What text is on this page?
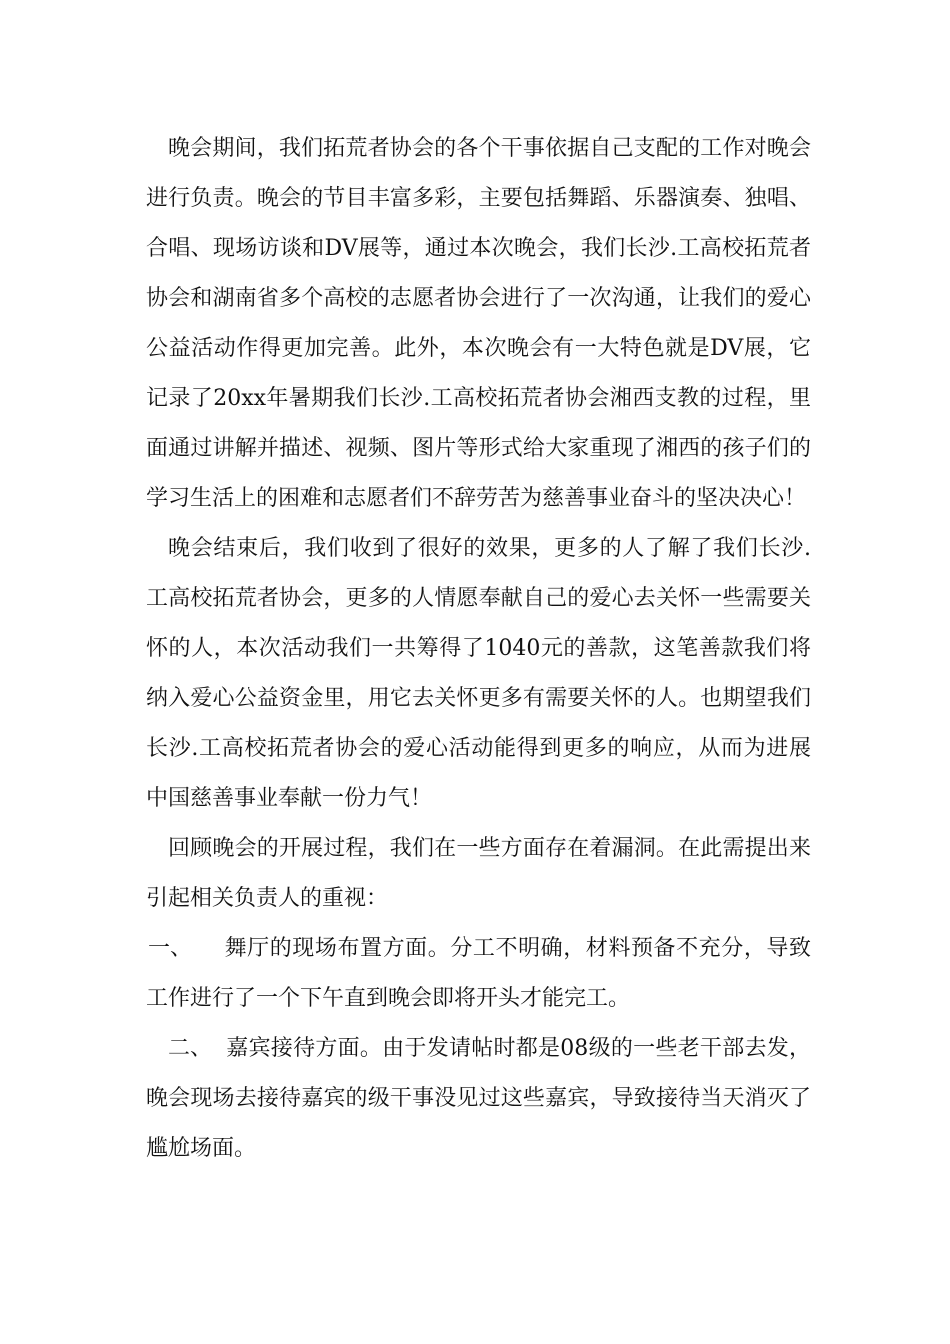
晚会期间，我们拓荒者协会的各个干事依据自己支配的工作对晚会进行负责。晚会的节目丰富多彩，主要包括舞蹈、乐器演奏、独唱、合唱、现场访谈和DV展等，通过本次晚会，我们长沙.工高校拓荒者协会和湖南省多个高校的志愿者协会进行了一次沟通，让我们的爱心公益活动作得更加完善。此外，本次晚会有一大特色就是DV展，它记录了20xx年暑期我们长沙.工高校拓荒者协会湘西支教的过程，里面通过讲解并描述、视频、图片等形式给大家重现了湘西的孩子们的学习生活上的困难和志愿者们不辞劳苦为慈善事业奋斗的坚决决心！

晚会结束后，我们收到了很好的效果，更多的人了解了我们长沙.工高校拓荒者协会，更多的人情愿奉献自己的爱心去关怀一些需要关怀的人，本次活动我们一共筹得了1040元的善款，这笔善款我们将纳入爱心公益资金里，用它去关怀更多有需要关怀的人。也期望我们长沙.工高校拓荒者协会的爱心活动能得到更多的响应，从而为进展中国慈善事业奉献一份力气！

回顾晚会的开展过程，我们在一些方面存在着漏洞。在此需提出来引起相关负责人的重视：

一、 舞厅的现场布置方面。分工不明确，材料预备不充分，导致工作进行了一个下午直到晚会即将开头才能完工。

二、 嘉宾接待方面。由于发请帖时都是08级的一些老干部去发，晚会现场去接待嘉宾的级干事没见过这些嘉宾，导致接待当天消灭了尴尬场面。
